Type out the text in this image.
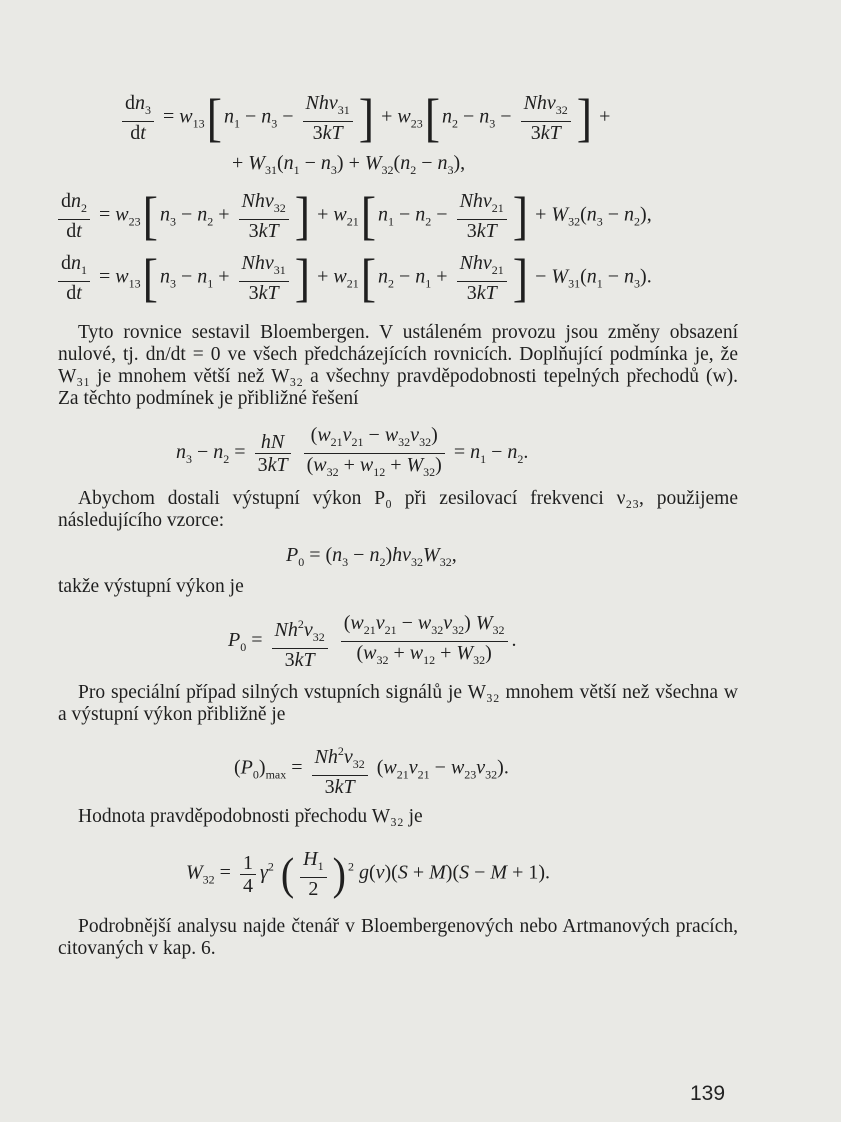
$\frac{dn_3}{dt} = w_{13}$[ $n_1 - n_3 - \frac{Nh\nu_{31}}{3kT}$ ] + $w_{23}$[ $n_2 - n_3 - \frac{Nh\nu_{32}}{3kT}$ ] +
+ $W_{31}(n_1 - n_3) + W_{32}(n_2 - n_3)$,
$\frac{dn_2}{dt} = w_{23}$[ $n_3 - n_2 + \frac{Nh\nu_{32}}{3kT}$ ] + $w_{21}$[ $n_1 - n_2 - \frac{Nh\nu_{21}}{3kT}$ ] + $W_{32}(n_3 - n_2)$,
$\frac{dn_1}{dt} = w_{13}$[ $n_3 - n_1 + \frac{Nh\nu_{31}}{3kT}$ ] + $w_{21}$[ $n_2 - n_1 + \frac{Nh\nu_{21}}{3kT}$ ] − $W_{31}(n_1 - n_3)$.
Tyto rovnice sestavil Bloembergen. V ustáleném provozu jsou změny obsazení nulové, tj. dn/dt = 0 ve všech předcházejících rovnicích. Doplňující podmínka je, že W₃₁ je mnohem větší než W₃₂ a všechny pravděpodobnosti tepelných přechodů (w). Za těchto podmínek je přibližné řešení
$n_3 - n_2 = \frac{hN}{3kT}$
$\frac{(w_{21}\nu_{21} - w_{32}\nu_{32})}{(w_{32} + w_{12} + W_{32})} = n_1 - n_2$.
Abychom dostali výstupní výkon P₀ při zesilovací frekvenci ν₂₃, použijeme následujícího vzorce:
$P_0 = (n_3 - n_2)h\nu_{32}W_{32}$,
takže výstupní výkon je
$P_0 = \frac{Nh^2\nu_{32}}{3kT}$
$\frac{(w_{21}\nu_{21} - w_{32}\nu_{32}) W_{32}}{(w_{32} + w_{12} + W_{32})}$ .
Pro speciální případ silných vstupních signálů je W₃₂ mnohem větší než všechna w a výstupní výkon přibližně je
$(P_0)_{max} = \frac{Nh^2\nu_{32}}{3kT} (w_{21}\nu_{21} - w_{23}\nu_{32})$.
Hodnota pravděpodobnosti přechodu W₃₂ je
$W_{32} = \frac{1}{4} \gamma^2$ ( $\frac{H_1}{2}$ ) $^2$ g(ν)(S + M)(S − M + 1).
Podrobnější analysu najde čtenář v Bloembergenových nebo Artmanových pracích, citovaných v kap. 6.
139
